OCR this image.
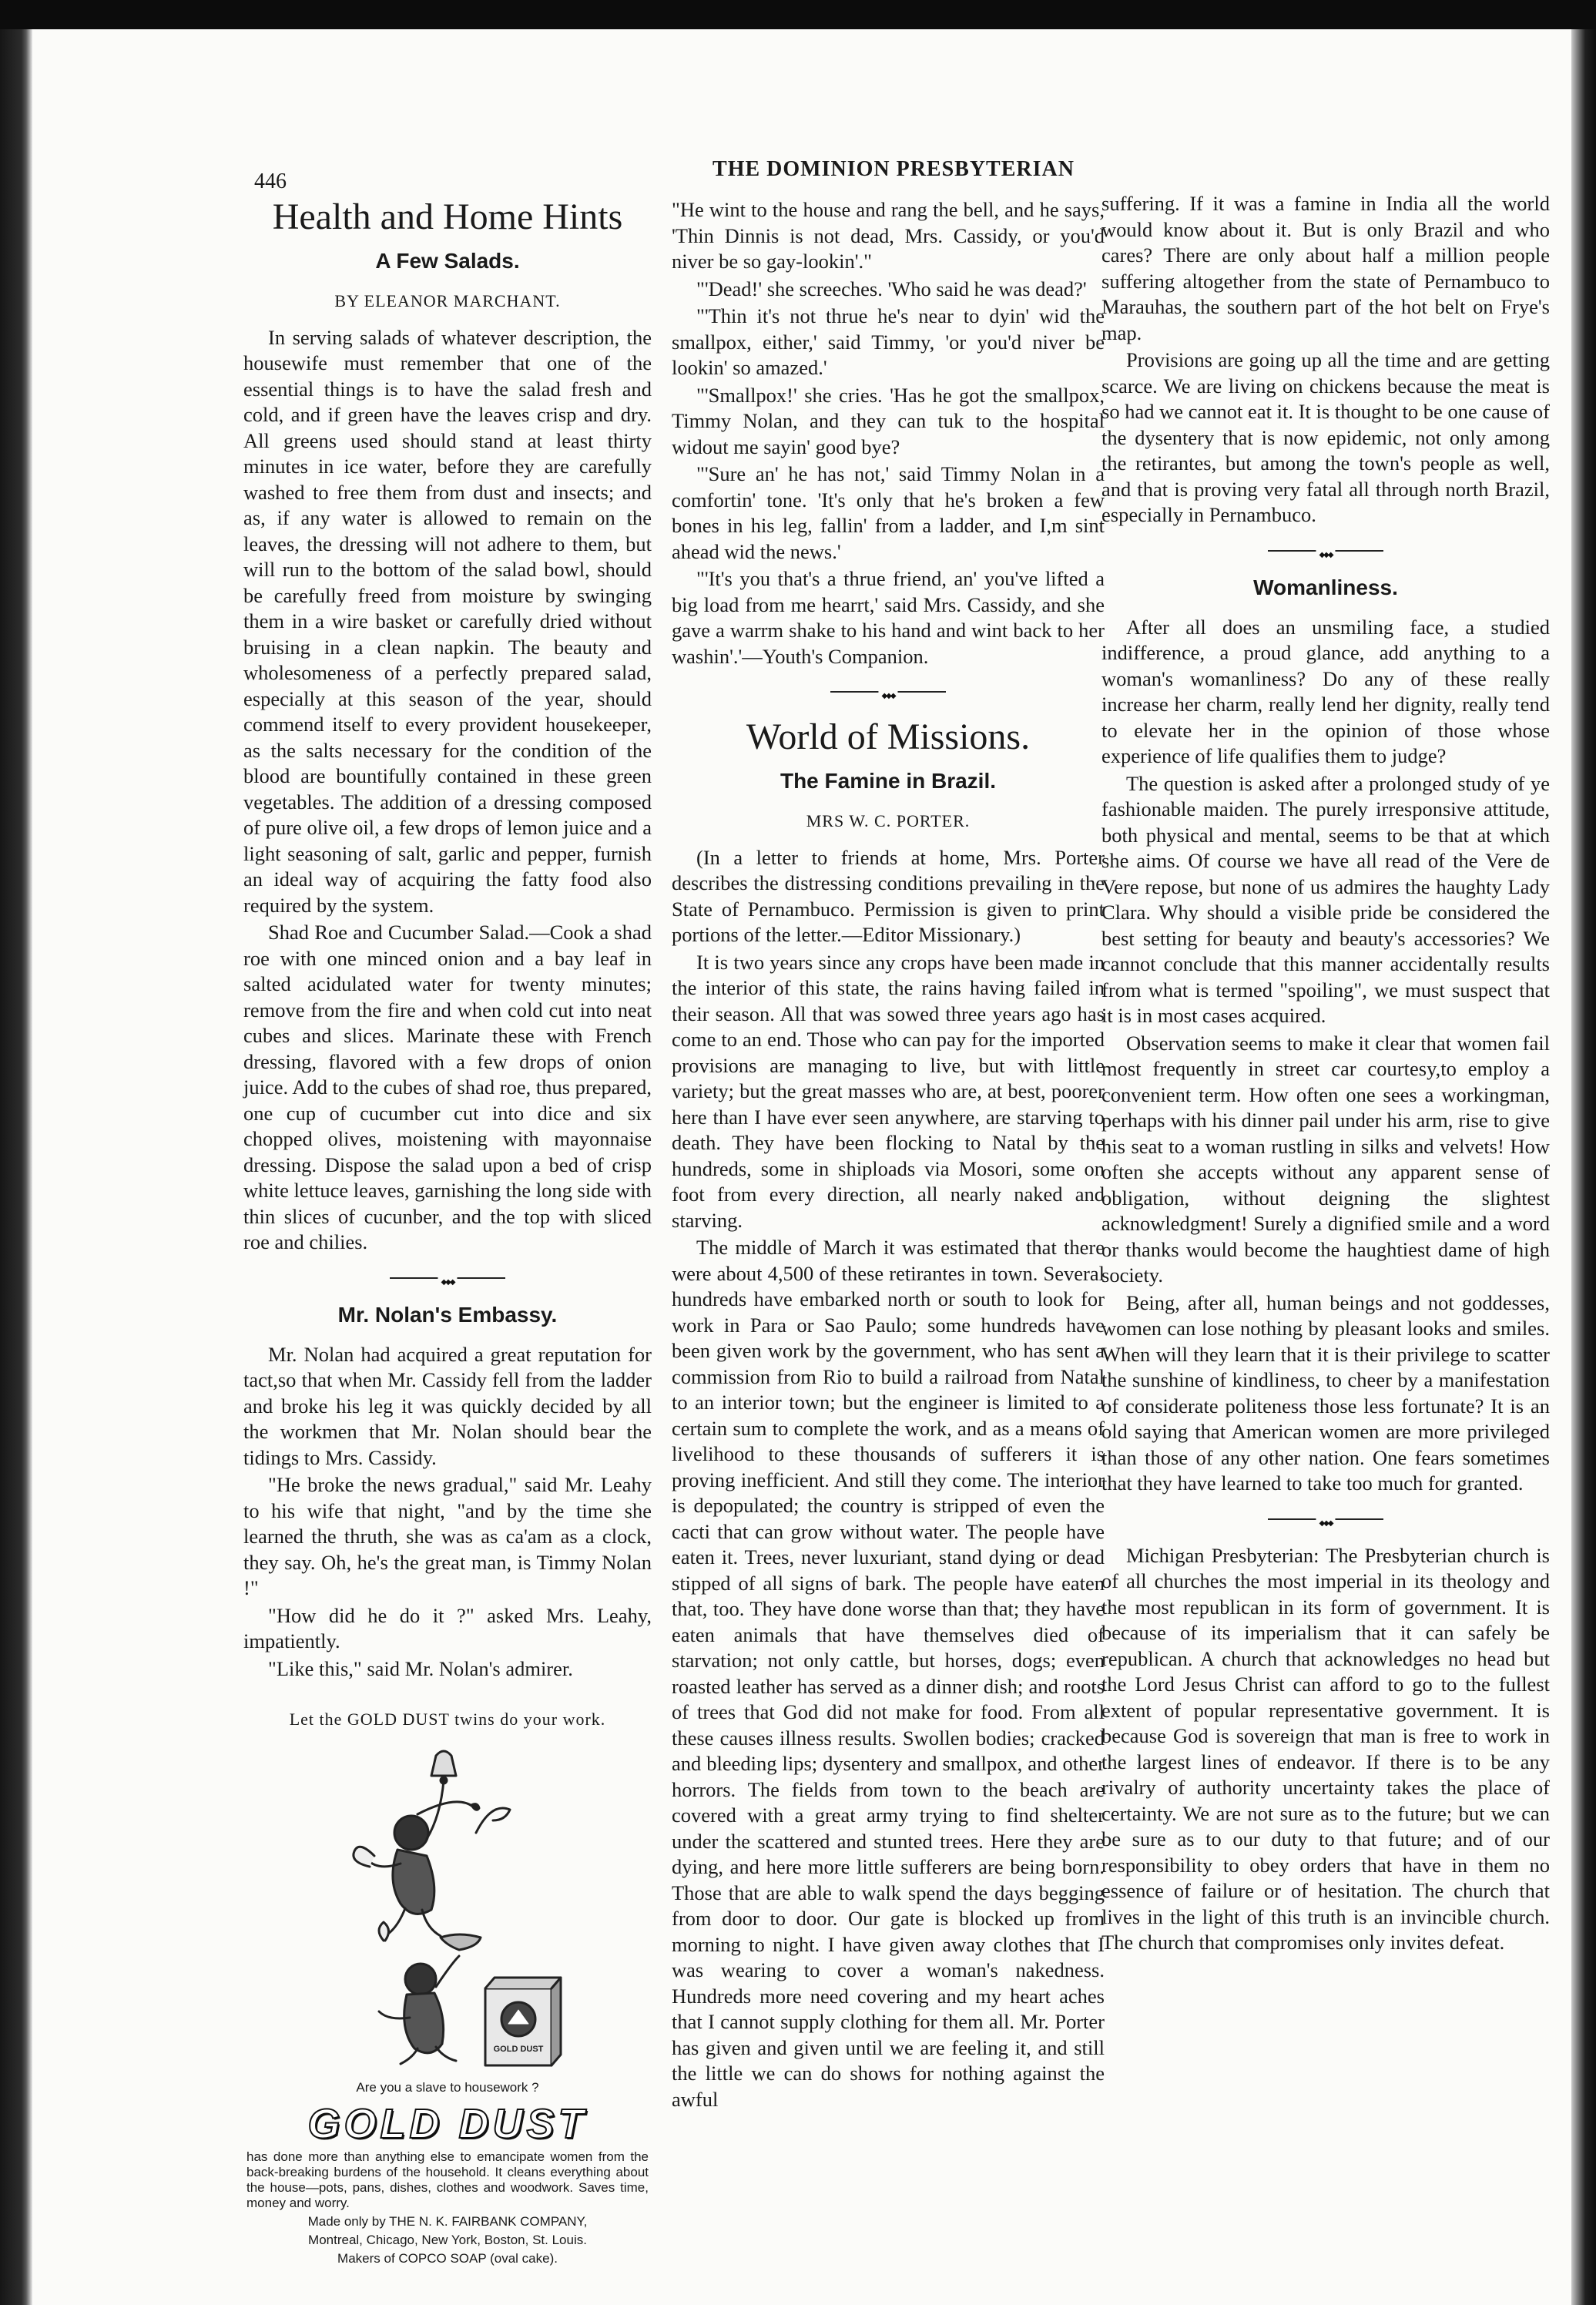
446
THE DOMINION PRESBYTERIAN
Health and Home Hints
A Few Salads.
BY ELEANOR MARCHANT.

In serving salads of whatever description, the housewife must remember that one of the essential things is to have the salad fresh and cold, and if green have the leaves crisp and dry. All greens used should stand at least thirty minutes in ice water, before they are carefully washed to free them from dust and insects; and as, if any water is allowed to remain on the leaves, the dressing will not adhere to them, but will run to the bottom of the salad bowl, should be carefully freed from moisture by swinging them in a wire basket or carefully dried without bruising in a clean napkin. The beauty and wholesomeness of a perfectly prepared salad, especially at this season of the year, should commend itself to every provident housekeeper, as the salts necessary for the condition of the blood are bountifully contained in these green vegetables. The addition of a dressing composed of pure olive oil, a few drops of lemon juice and a light seasoning of salt, garlic and pepper, furnish an ideal way of acquiring the fatty food also required by the system.

Shad Roe and Cucumber Salad.—Cook a shad roe with one minced onion and a bay leaf in salted acidulated water for twenty minutes; remove from the fire and when cold cut into neat cubes and slices. Marinate these with French dressing, flavored with a few drops of onion juice. Add to the cubes of shad roe, thus prepared, one cup of cucumber cut into dice and six chopped olives, moistening with mayonnaise dressing. Dispose the salad upon a bed of crisp white lettuce leaves, garnishing the long side with thin slices of cucunber, and the top with sliced roe and chilies.

◆◆◆
Mr. Nolan's Embassy.

Mr. Nolan had acquired a great reputation for tact,so that when Mr. Cassidy fell from the ladder and broke his leg it was quickly decided by all the workmen that Mr. Nolan should bear the tidings to Mrs. Cassidy.

"He broke the news gradual," said Mr. Leahy to his wife that night, "and by the time she learned the thruth, she was as ca'am as a clock, they say. Oh, he's the great man, is Timmy Nolan !"

"How did he do it ?" asked Mrs. Leahy, impatiently.

"Like this," said Mr. Nolan's admirer.

Let the GOLD DUST twins do your work.
GOLD DUST
Are you a slave to housework ?
GOLD DUST
has done more than anything else to emancipate women from the back-breaking burdens of the household. It cleans everything about the house—pots, pans, dishes, clothes and woodwork. Saves time, money and worry.
Made only by THE N. K. FAIRBANK COMPANY,
Montreal, Chicago, New York, Boston, St. Louis.
Makers of COPCO SOAP (oval cake).

"He wint to the house and rang the bell, and he says, 'Thin Dinnis is not dead, Mrs. Cassidy, or you'd niver be so gay-lookin'."

"'Dead!' she screeches. 'Who said he was dead?'

"'Thin it's not thrue he's near to dyin' wid the smallpox, either,' said Timmy, 'or you'd niver be lookin' so amazed.'

"'Smallpox!' she cries. 'Has he got the smallpox, Timmy Nolan, and they can tuk to the hospital widout me sayin' good bye?

"'Sure an' he has not,' said Timmy Nolan in a comfortin' tone. 'It's only that he's broken a few bones in his leg, fallin' from a ladder, and I,m sint ahead wid the news.'

"'It's you that's a thrue friend, an' you've lifted a big load from me hearrt,' said Mrs. Cassidy, and she gave a warrm shake to his hand and wint back to her washin'.'—Youth's Companion.

◆◆◆
World of Missions.
The Famine in Brazil.
MRS W. C. PORTER.

(In a letter to friends at home, Mrs. Porter describes the distressing conditions prevailing in the State of Pernambuco. Permission is given to print portions of the letter.—Editor Missionary.)

It is two years since any crops have been made in the interior of this state, the rains having failed in their season. All that was sowed three years ago has come to an end. Those who can pay for the imported provisions are managing to live, but with little variety; but the great masses who are, at best, poorer here than I have ever seen anywhere, are starving to death. They have been flocking to Natal by the hundreds, some in shiploads via Mosori, some on foot from every direction, all nearly naked and starving.

The middle of March it was estimated that there were about 4,500 of these retirantes in town. Several hundreds have embarked north or south to look for work in Para or Sao Paulo; some hundreds have been given work by the government, who has sent a commission from Rio to build a railroad from Natal to an interior town; but the engineer is limited to a certain sum to complete the work, and as a means of livelihood to these thousands of sufferers it is proving inefficient. And still they come. The interior is depopulated; the country is stripped of even the cacti that can grow without water. The people have eaten it. Trees, never luxuriant, stand dying or dead stipped of all signs of bark. The people have eaten that, too. They have done worse than that; they have eaten animals that have themselves died of starvation; not only cattle, but horses, dogs; even roasted leather has served as a dinner dish; and roots of trees that God did not make for food. From all these causes illness results. Swollen bodies; cracked and bleeding lips; dysentery and smallpox, and other horrors. The fields from town to the beach are covered with a great army trying to find shelter under the scattered and stunted trees. Here they are dying, and here more little sufferers are being born. Those that are able to walk spend the days begging from door to door. Our gate is blocked up from morning to night. I have given away clothes that I was wearing to cover a woman's nakedness. Hundreds more need covering and my heart aches that I cannot supply clothing for them all. Mr. Porter has given and given until we are feeling it, and still the little we can do shows for nothing against the awful

suffering. If it was a famine in India all the world would know about it. But is only Brazil and who cares? There are only about half a million people suffering altogether from the state of Pernambuco to Marauhas, the southern part of the hot belt on Frye's map.

Provisions are going up all the time and are getting scarce. We are living on chickens because the meat is so had we cannot eat it. It is thought to be one cause of the dysentery that is now epidemic, not only among the retirantes, but among the town's people as well, and that is proving very fatal all through north Brazil, especially in Pernambuco.

◆◆◆
Womanliness.

After all does an unsmiling face, a studied indifference, a proud glance, add anything to a woman's womanliness? Do any of these really increase her charm, really lend her dignity, really tend to elevate her in the opinion of those whose experience of life qualifies them to judge?

The question is asked after a prolonged study of ye fashionable maiden. The purely irresponsive attitude, both physical and mental, seems to be that at which she aims. Of course we have all read of the Vere de Vere repose, but none of us admires the haughty Lady Clara. Why should a visible pride be considered the best setting for beauty and beauty's accessories? We cannot conclude that this manner accidentally results from what is termed "spoiling", we must suspect that it is in most cases acquired.

Observation seems to make it clear that women fail most frequently in street car courtesy,to employ a convenient term. How often one sees a workingman, perhaps with his dinner pail under his arm, rise to give his seat to a woman rustling in silks and velvets! How often she accepts without any apparent sense of obligation, without deigning the slightest acknowledgment! Surely a dignified smile and a word or thanks would become the haughtiest dame of high society.

Being, after all, human beings and not goddesses, women can lose nothing by pleasant looks and smiles. When will they learn that it is their privilege to scatter the sunshine of kindliness, to cheer by a manifestation of considerate politeness those less fortunate? It is an old saying that American women are more privileged than those of any other nation. One fears sometimes that they have learned to take too much for granted.

◆◆◆

Michigan Presbyterian: The Presbyterian church is of all churches the most imperial in its theology and the most republican in its form of government. It is because of its imperialism that it can safely be republican. A church that acknowledges no head but the Lord Jesus Christ can afford to go to the fullest extent of popular representative government. It is because God is sovereign that man is free to work in the largest lines of endeavor. If there is to be any rivalry of authority uncertainty takes the place of certainty. We are not sure as to the future; but we can be sure as to our duty to that future; and of our responsibility to obey orders that have in them no essence of failure or of hesitation. The church that lives in the light of this truth is an invincible church. The church that compromises only invites defeat.
